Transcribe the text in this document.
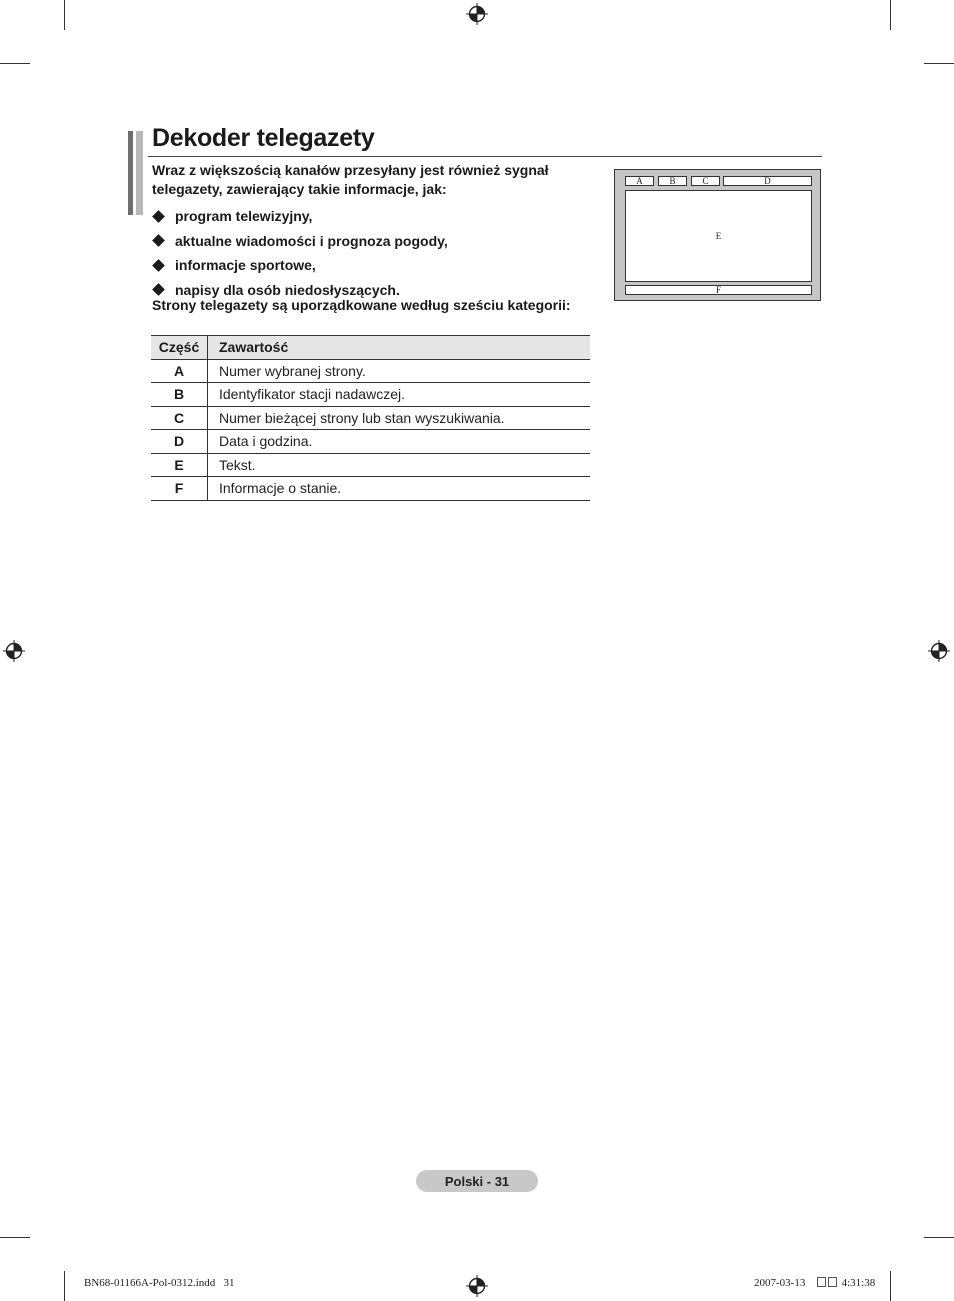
Dekoder telegazety

Wraz z większością kanałów przesyłany jest również sygnał telegazety, zawierający takie informacje, jak:

program telewizyjny,
aktualne wiadomości i prognoza pogody,
informacje sportowe,
napisy dla osób niedosłyszących.

Strony telegazety są uporządkowane według sześciu kategorii:

Część	Zawartość
A	Numer wybranej strony.
B	Identyfikator stacji nadawczej.
C	Numer bieżącej strony lub stan wyszukiwania.
D	Data i godzina.
E	Tekst.
F	Informacje o stanie.
A	B	C	D
E
F
Polski - 31
BN68-01166A-Pol-0312.indd   31	2007-03-13	4:31:38
